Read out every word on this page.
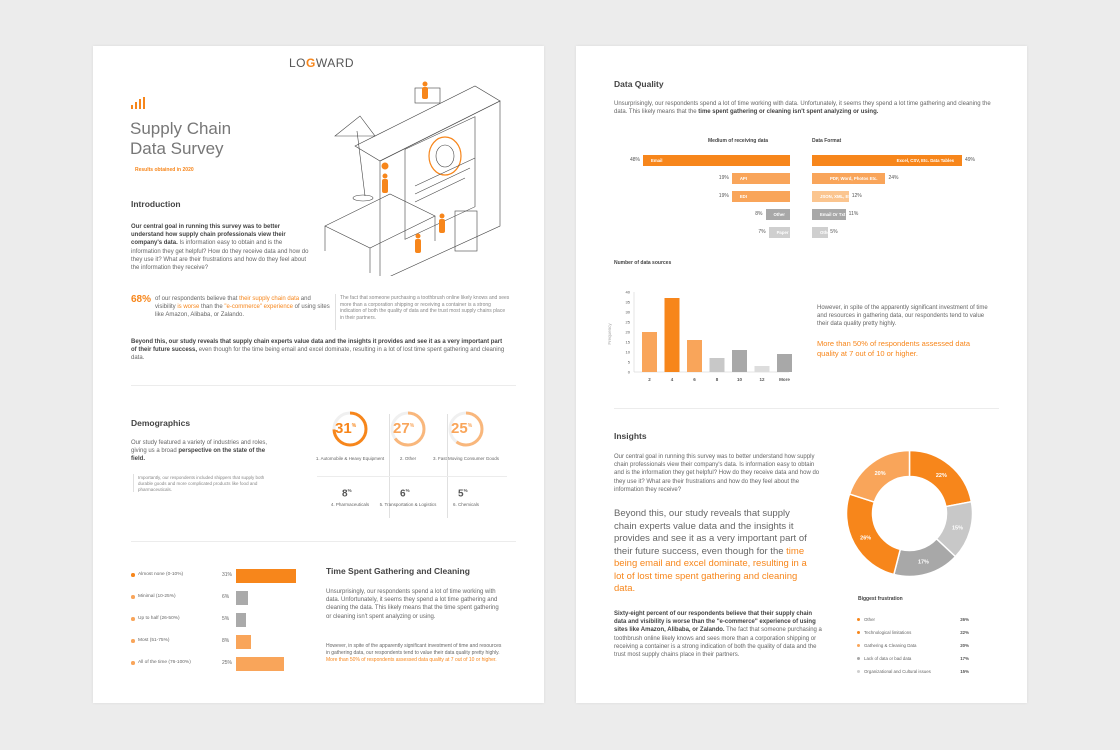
LOGWARD
Supply Chain
Data Survey
Results obtained in 2020
Introduction
Our central goal in running this survey was to better understand how supply chain professionals view their company's data. Is information easy to obtain and is the information they get helpful? How do they receive data and how do they use it? What are their frustrations and how do they feel about the information they receive?
68% of our respondents believe that their supply chain data and visibility is worse than the "e-commerce" experience of using sites like Amazon, Alibaba, or Zalando.
The fact that someone purchasing a toothbrush online likely knows and sees more than a corporation shipping or receiving a container is a strong indication of both the quality of data and the trust most supply chains place in their partners.
Beyond this, our study reveals that supply chain experts value data and the insights it provides and see it as a very important part of their future success, even though for the time being email and excel dominate, resulting in a lot of lost time spent gathering and cleaning data.
Demographics
Our study featured a variety of industries and roles, giving us a broad perspective on the state of the field.
Importantly, our respondents included shippers that supply both durable goods and more complicated products like food and pharmaceuticals.
Time Spent Gathering and Cleaning
Unsurprisingly, our respondents spend a lot of time working with data. Unfortunately, it seems they spend a lot time gathering and cleaning the data. This likely means that the time spent gathering or cleaning isn't spent analyzing or using.
However, in spite of the apparently significant investment of time and resources in gathering data, our respondents tend to value their data quality pretty highly. More than 50% of respondents assessed data quality at 7 out of 10 or higher.
31%
1. Automobile & Heavy Equipment
27%
2. Other
25%
3. Fast Moving Consumer Goods
8%
4. Pharmaceuticals
6%
5. Transportation & Logistics
5%
6. Chemicals
Almost none (0-10%)	31%
Minimal (10-25%)	6%
Up to half (26-50%)	5%
Most (51-75%)	8%
All of the time (76-100%)	25%
Data Quality
Unsurprisingly, our respondents spend a lot of time working with data. Unfortunately, it seems they spend a lot time gathering and cleaning the data. This likely means that the time spent gathering or cleaning isn't spent analyzing or using.
Medium of receiving data	Data Format
Number of data sources
0
5
10
15
20
25
30
35
40
Frequency
2	4	6	8	10	12	More
However, in spite of the apparently significant investment of time and resources in gathering data, our respondents tend to value their data quality pretty highly.
More than 50% of respondents assessed data quality at 7 out of 10 or higher.
Insights
Our central goal in running this survey was to better understand how supply chain professionals view their company's data. Is information easy to obtain and is the information they get helpful? How do they receive data and how do they use it? What are their frustrations and how do they feel about the information they receive?
Beyond this, our study reveals that supply chain experts value data and the insights it provides and see it as a very important part of their future success, even though for the time being email and excel dominate, resulting in a lot of lost time spent gathering and cleaning data.
Sixty-eight percent of our respondents believe that their supply chain data and visibility is worse than the "e-commerce" experience of using sites like Amazon, Alibaba, or Zalando. The fact that someone purchasing a toothbrush online likely knows and sees more than a corporation shipping or receiving a container is a strong indication of both the quality of data and the trust most supply chains place in their partners.
22%
15%
17%
26%
20%
Biggest frustration
Email
48%
API
19%
EDI
19%
Other
8%
Paper
7%
Excel, CSV, Etc. Data Tables	49%
PDF, Word, Photos Etc.	24%
JSON, XML, Etc.
12%
Email Or Txt 11%
Other
5%
Other	26%
Technological limitations	22%
Gathering & Cleaning Data	20%
Lack of data or bad data	17%
Organizational and Cultural issues	15%
